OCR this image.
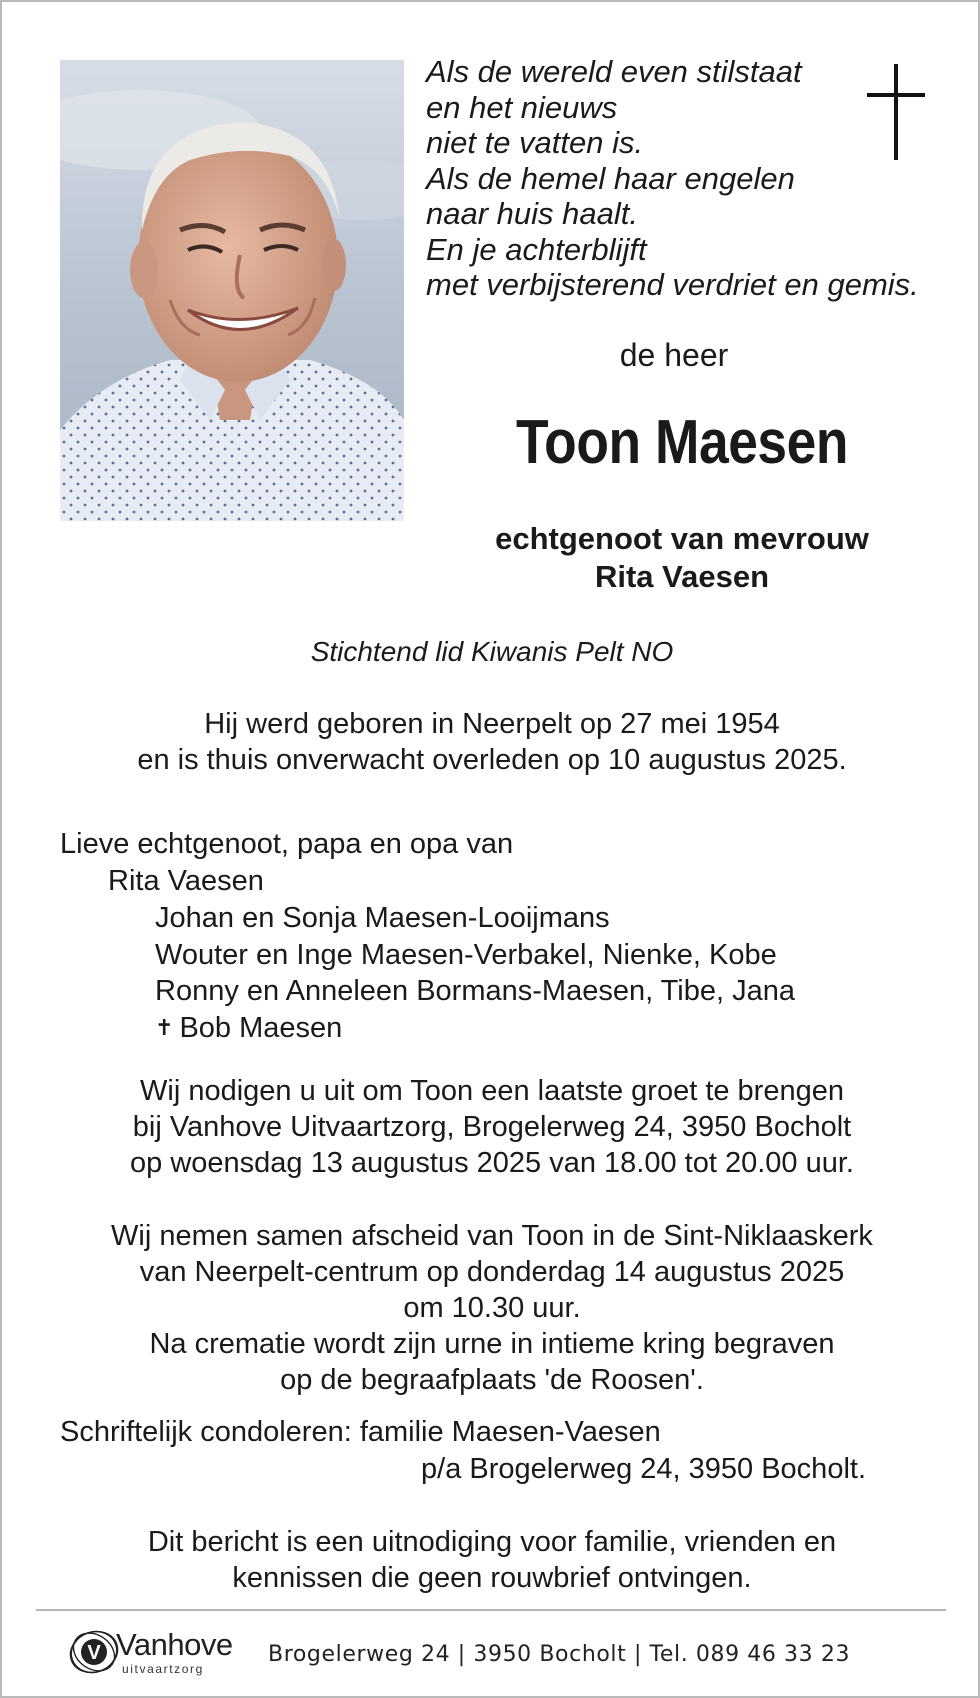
Als de wereld even stilstaat
en het nieuws
niet te vatten is.
Als de hemel haar engelen
naar huis haalt.
En je achterblijft
met verbijsterend verdriet en gemis.
de heer
Toon Maesen
echtgenoot van mevrouw
Rita Vaesen
Stichtend lid Kiwanis Pelt NO
Hij werd geboren in Neerpelt op 27 mei 1954
en is thuis onverwacht overleden op 10 augustus 2025.
Lieve echtgenoot, papa en opa van
Rita Vaesen
Johan en Sonja Maesen-Looijmans
Wouter en Inge Maesen-Verbakel, Nienke, Kobe
Ronny en Anneleen Bormans-Maesen, Tibe, Jana
✝ Bob Maesen
Wij nodigen u uit om Toon een laatste groet te brengen
bij Vanhove Uitvaartzorg, Brogelerweg 24, 3950 Bocholt
op woensdag 13 augustus 2025 van 18.00 tot 20.00 uur.
Wij nemen samen afscheid van Toon in de Sint-Niklaaskerk
van Neerpelt-centrum op donderdag 14 augustus 2025
om 10.30 uur.
Na crematie wordt zijn urne in intieme kring begraven
op de begraafplaats 'de Roosen'.
Schriftelijk condoleren: familie Maesen-Vaesen
p/a Brogelerweg 24, 3950 Bocholt.
Dit bericht is een uitnodiging voor familie, vrienden en
kennissen die geen rouwbrief ontvingen.
V Vanhove
uitvaartzorg
Brogelerweg 24 | 3950 Bocholt | Tel. 089 46 33 23
